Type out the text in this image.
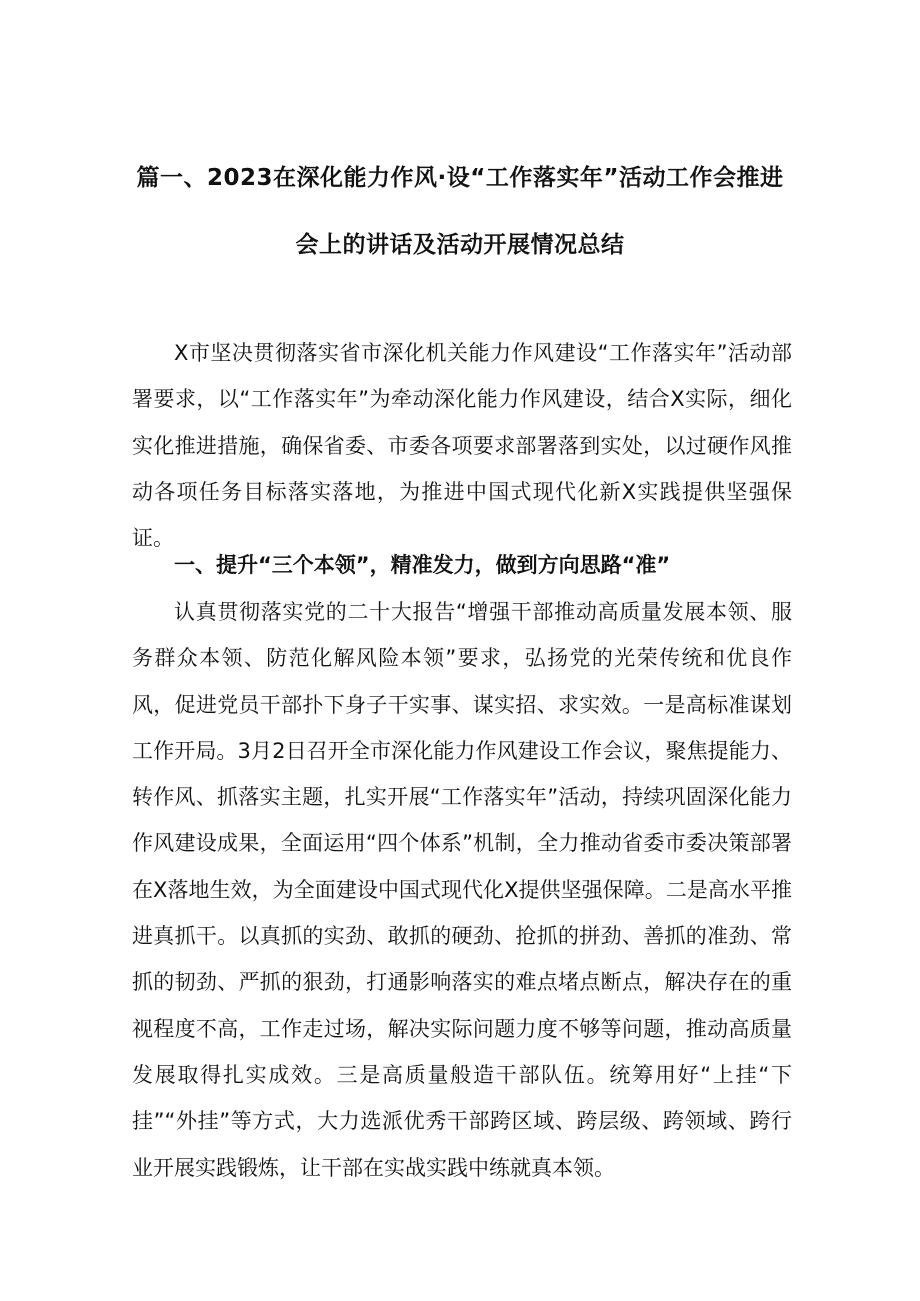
篇一、2023在深化能力作风·设“工作落实年”活动工作会推进
会上的讲话及活动开展情况总结

X市坚决贯彻落实省市深化机关能力作风建设“工作落实年”活动部署要求，以“工作落实年”为牵动深化能力作风建设，结合X实际，细化实化推进措施，确保省委、市委各项要求部署落到实处，以过硬作风推动各项任务目标落实落地，为推进中国式现代化新X实践提供坚强保证。

一、提升“三个本领”，精准发力，做到方向思路“准”

认真贯彻落实党的二十大报告“增强干部推动高质量发展本领、服务群众本领、防范化解风险本领”要求，弘扬党的光荣传统和优良作风，促进党员干部扑下身子干实事、谋实招、求实效。一是高标准谋划工作开局。3月2日召开全市深化能力作风建设工作会议，聚焦提能力、转作风、抓落实主题，扎实开展“工作落实年”活动，持续巩固深化能力作风建设成果，全面运用“四个体系”机制，全力推动省委市委决策部署在X落地生效，为全面建设中国式现代化X提供坚强保障。二是高水平推进真抓干。以真抓的实劲、敢抓的硬劲、抢抓的拼劲、善抓的准劲、常抓的韧劲、严抓的狠劲，打通影响落实的难点堵点断点，解决存在的重视程度不高，工作走过场，解决实际问题力度不够等问题，推动高质量发展取得扎实成效。三是高质量般造干部队伍。统筹用好“上挂“下挂”“外挂”等方式，大力选派优秀干部跨区域、跨层级、跨领域、跨行业开展实践锻炼，让干部在实战实践中练就真本领。
